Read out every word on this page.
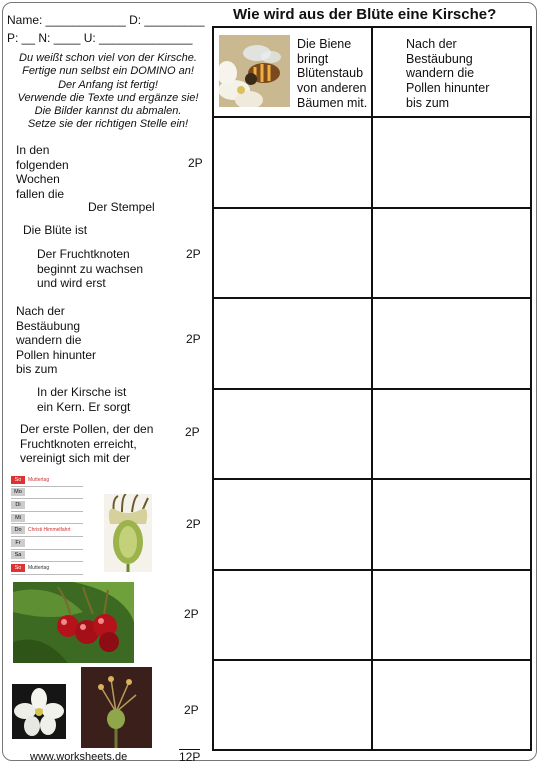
Name: ____________ D: _________
P: __ N: ____ U: ______________
Wie wird aus der Blüte eine Kirsche?
Du weißt schon viel von der Kirsche.
Fertige nun selbst ein DOMINO an!
Der Anfang ist fertig!
Verwende die Texte und ergänze sie!
Die Bilder kannst du abmalen.
Setze sie der richtigen Stelle ein!
In den
folgenden
Wochen
fallen die
Der Stempel
2P
Die Blüte ist
Der Fruchtknoten
beginnt zu wachsen
und wird erst
2P
Nach der
Bestäubung
wandern die
Pollen hinunter
bis zum
In der Kirsche ist
ein Kern. Er sorgt
2P
Der erste Pollen, der den
Fruchtknoten erreicht,
vereinigt sich mit der
2P
So	Muttertag
Mo
Di
Mi
Do	Christi Himmelfahrt
Fr
Sa
So	Muttertag
2P
2P
2P
www.worksheets.de	12P
Die Biene
bringt
Blütenstaub
von anderen
Bäumen mit.
Nach der
Bestäubung
wandern die
Pollen hinunter
bis zum
